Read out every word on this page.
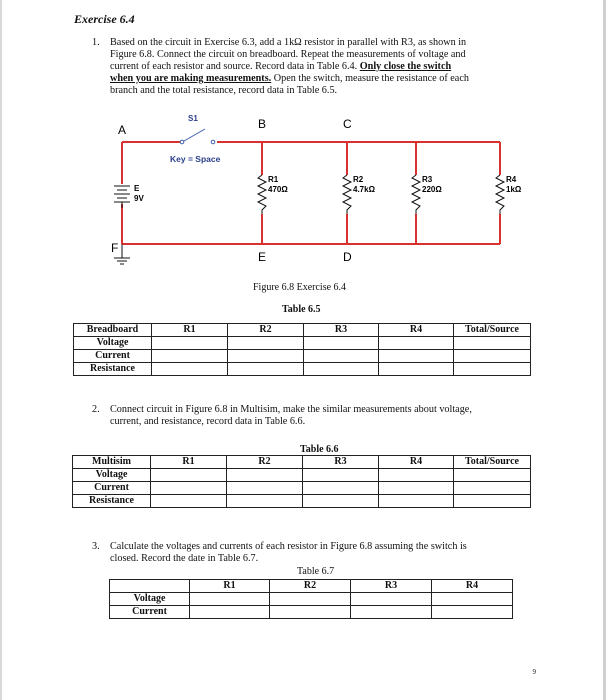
Exercise 6.4
1. Based on the circuit in Exercise 6.3, add a 1kΩ resistor in parallel with R3, as shown in
Figure 6.8. Connect the circuit on breadboard. Repeat the measurements of voltage and
current of each resistor and source. Record data in Table 6.4. Only close the switch
when you are making measurements. Open the switch, measure the resistance of each
branch and the total resistance, record data in Table 6.5.
S1
Key = Space
E
9V
R1
470Ω
R2
4.7kΩ
R3
220Ω
R4
1kΩ
A	B	C
E	D
F
Figure 6.8 Exercise 6.4
Table 6.5
Breadboard	R1	R2	R3	R4	Total/Source
Voltage					
Current					
Resistance					
2. Connect circuit in Figure 6.8 in Multisim, make the similar measurements about voltage,
current, and resistance, record data in Table 6.6.
Table 6.6
Multisim	R1	R2	R3	R4	Total/Source
Voltage					
Current					
Resistance					
3. Calculate the voltages and currents of each resistor in Figure 6.8 assuming the switch is
closed. Record the date in Table 6.7.
Table 6.7
	R1	R2	R3	R4
Voltage				
Current				
9
